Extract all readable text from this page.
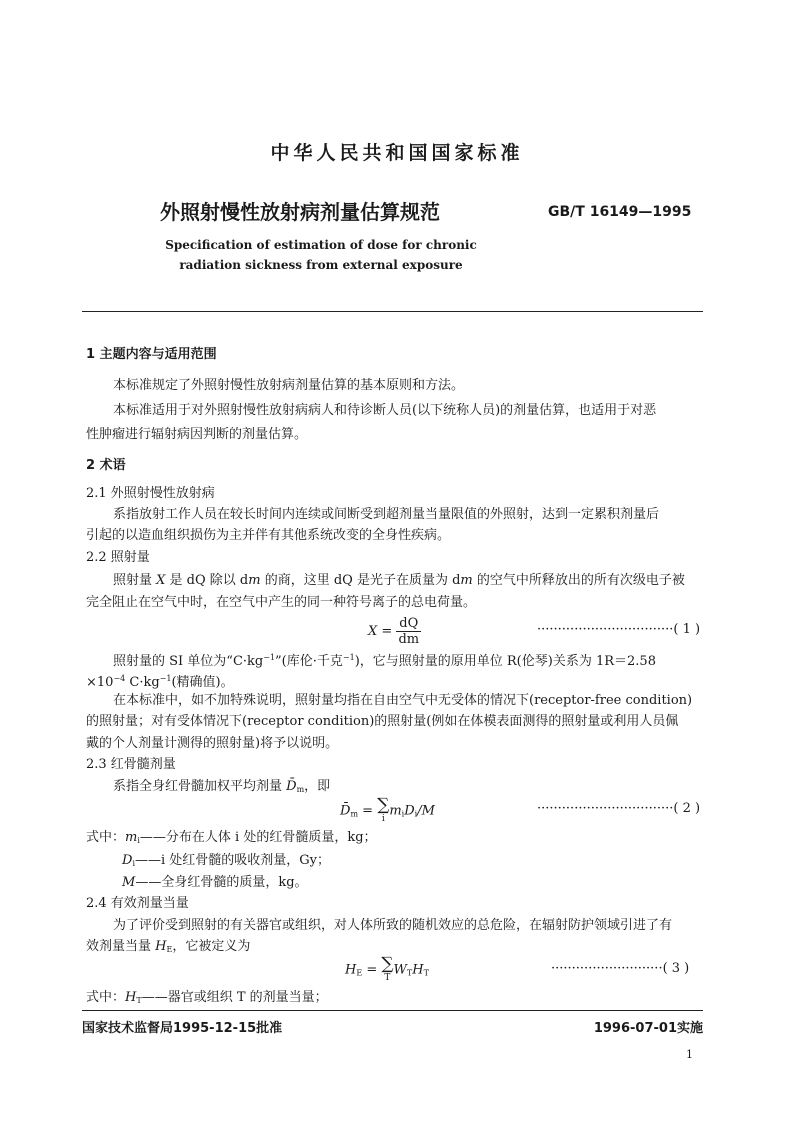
中华人民共和国国家标准
外照射慢性放射病剂量估算规范	GB/T 16149—1995
Specification of estimation of dose for chronic
radiation sickness from external exposure
1 主题内容与适用范围
本标准规定了外照射慢性放射病剂量估算的基本原则和方法。
本标准适用于对外照射慢性放射病病人和待诊断人员(以下统称人员)的剂量估算，也适用于对恶
性肿瘤进行辐射病因判断的剂量估算。
2 术语
2.1 外照射慢性放射病
系指放射工作人员在较长时间内连续或间断受到超剂量当量限值的外照射，达到一定累积剂量后
引起的以造血组织损伤为主并伴有其他系统改变的全身性疾病。
2.2 照射量
照射量 X 是 dQ 除以 dm 的商，这里 dQ 是光子在质量为 dm 的空气中所释放出的所有次级电子被
完全阻止在空气中时，在空气中产生的同一种符号离子的总电荷量。
$X = \frac{dQ}{dm}$	·································( 1 )
照射量的 SI 单位为“$C\cdot kg^{-1}$”(库伦·千克$^{-1}$)，它与照射量的原用单位 R(伦琴)关系为 1R＝2.58
$\times 10^{-4}$ $C\cdot kg^{-1}$(精确值)。
在本标准中，如不加特殊说明，照射量均指在自由空气中无受体的情况下(receptor-free condition)
的照射量；对有受体情况下(receptor condition)的照射量(例如在体模表面测得的照射量或利用人员佩
戴的个人剂量计测得的照射量)将予以说明。
2.3 红骨髓剂量
系指全身红骨髓加权平均剂量 $D̄_m$，即
$D̄_m$ = ∑
i
$m_iD_i/M$	·································( 2 )
式中：$m_i——$分布在人体 i 处的红骨髓质量，kg；
$D_i——i$ 处红骨髓的吸收剂量，Gy；
M——全身红骨髓的质量，kg。
2.4 有效剂量当量
为了评价受到照射的有关器官或组织，对人体所致的随机效应的总危险，在辐射防护领域引进了有
效剂量当量 $H_E$，它被定义为
$H_E$ = ∑
T
$W_TH_T$	···························( 3 )
式中：$H_T——$器官或组织 T 的剂量当量；
国家技术监督局1995-12-15批准	1996-07-01实施
1
